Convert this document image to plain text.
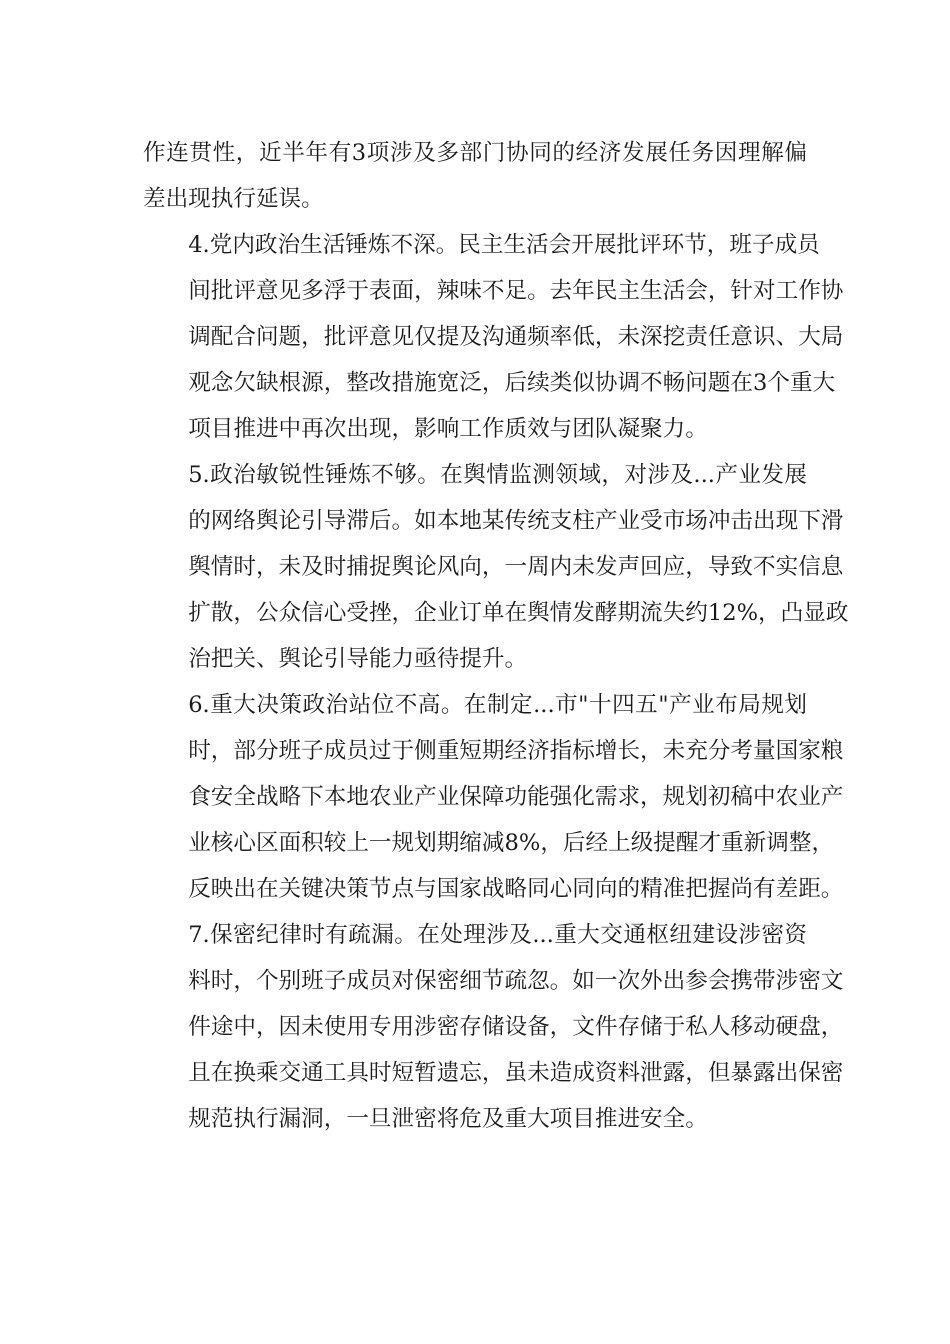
作连贯性，近半年有3项涉及多部门协同的经济发展任务因理解偏
差出现执行延误。
4.党内政治生活锤炼不深。民主生活会开展批评环节，班子成员
间批评意见多浮于表面，辣味不足。去年民主生活会，针对工作协
调配合问题，批评意见仅提及沟通频率低，未深挖责任意识、大局
观念欠缺根源，整改措施宽泛，后续类似协调不畅问题在3个重大
项目推进中再次出现，影响工作质效与团队凝聚力。
5.政治敏锐性锤炼不够。在舆情监测领域，对涉及...产业发展
的网络舆论引导滞后。如本地某传统支柱产业受市场冲击出现下滑
舆情时，未及时捕捉舆论风向，一周内未发声回应，导致不实信息
扩散，公众信心受挫，企业订单在舆情发酵期流失约12%，凸显政
治把关、舆论引导能力亟待提升。
6.重大决策政治站位不高。在制定...市"十四五"产业布局规划
时，部分班子成员过于侧重短期经济指标增长，未充分考量国家粮
食安全战略下本地农业产业保障功能强化需求，规划初稿中农业产
业核心区面积较上一规划期缩减8%，后经上级提醒才重新调整，
反映出在关键决策节点与国家战略同心同向的精准把握尚有差距。
7.保密纪律时有疏漏。在处理涉及...重大交通枢纽建设涉密资
料时，个别班子成员对保密细节疏忽。如一次外出参会携带涉密文
件途中，因未使用专用涉密存储设备，文件存储于私人移动硬盘，
且在换乘交通工具时短暂遗忘，虽未造成资料泄露，但暴露出保密
规范执行漏洞，一旦泄密将危及重大项目推进安全。
